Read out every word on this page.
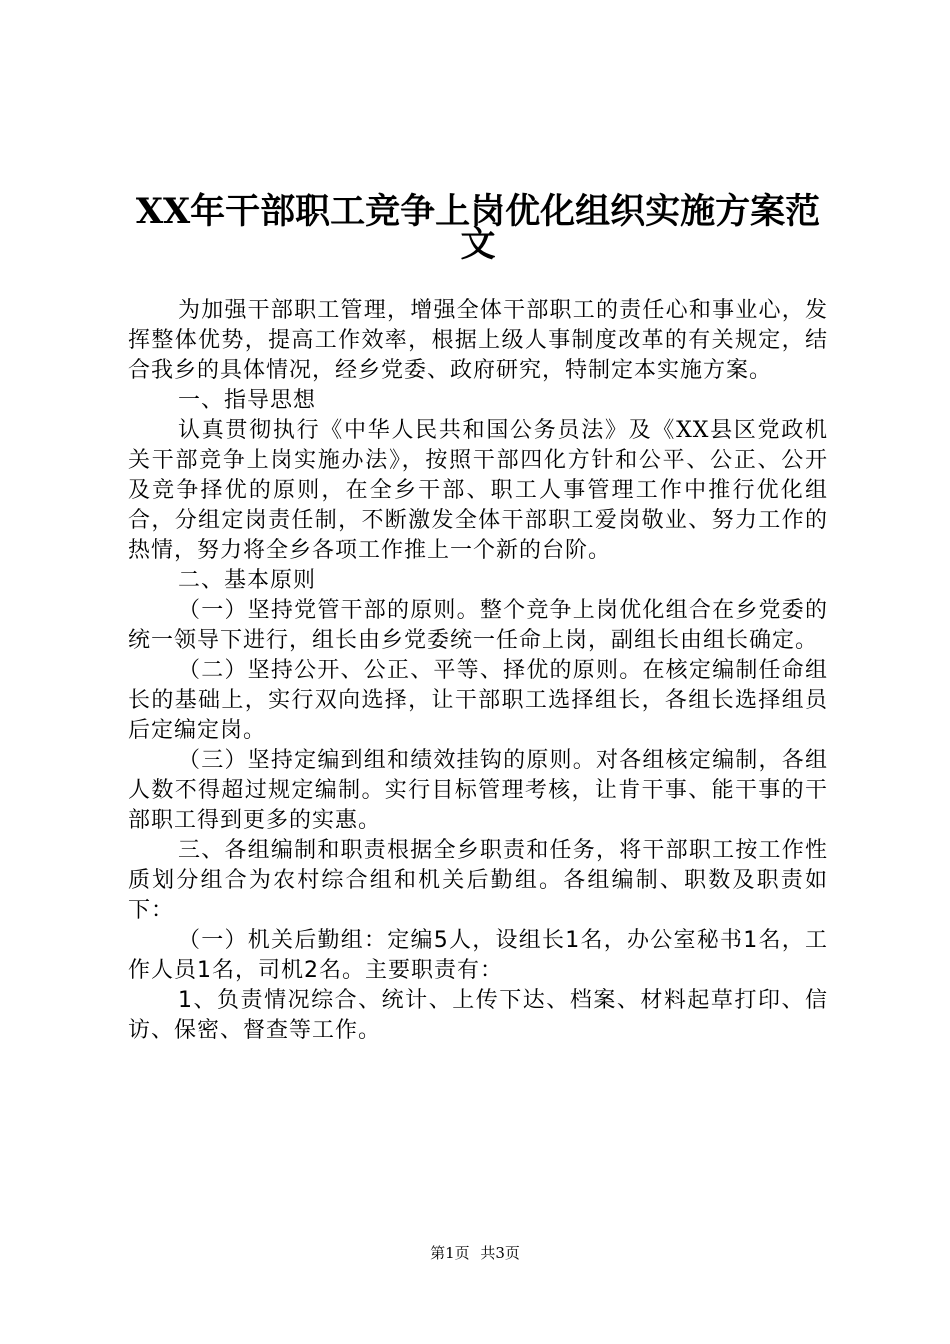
XX年干部职工竞争上岗优化组织实施方案范
文

为加强干部职工管理，增强全体干部职工的责任心和事业心，发挥整体优势，提高工作效率，根据上级人事制度改革的有关规定，结合我乡的具体情况，经乡党委、政府研究，特制定本实施方案。

一、指导思想

认真贯彻执行《中华人民共和国公务员法》及《XX县区党政机关干部竞争上岗实施办法》，按照干部四化方针和公平、公正、公开及竞争择优的原则，在全乡干部、职工人事管理工作中推行优化组合，分组定岗责任制，不断激发全体干部职工爱岗敬业、努力工作的热情，努力将全乡各项工作推上一个新的台阶。

二、基本原则

（一）坚持党管干部的原则。整个竞争上岗优化组合在乡党委的统一领导下进行，组长由乡党委统一任命上岗，副组长由组长确定。

（二）坚持公开、公正、平等、择优的原则。在核定编制任命组长的基础上，实行双向选择，让干部职工选择组长，各组长选择组员后定编定岗。

（三）坚持定编到组和绩效挂钩的原则。对各组核定编制，各组人数不得超过规定编制。实行目标管理考核，让肯干事、能干事的干部职工得到更多的实惠。

三、各组编制和职责根据全乡职责和任务，将干部职工按工作性质划分组合为农村综合组和机关后勤组。各组编制、职数及职责如下：

（一）机关后勤组：定编5人，设组长1名，办公室秘书1名，工作人员1名，司机2名。主要职责有：

1、负责情况综合、统计、上传下达、档案、材料起草打印、信访、保密、督查等工作。

第1页 共3页
